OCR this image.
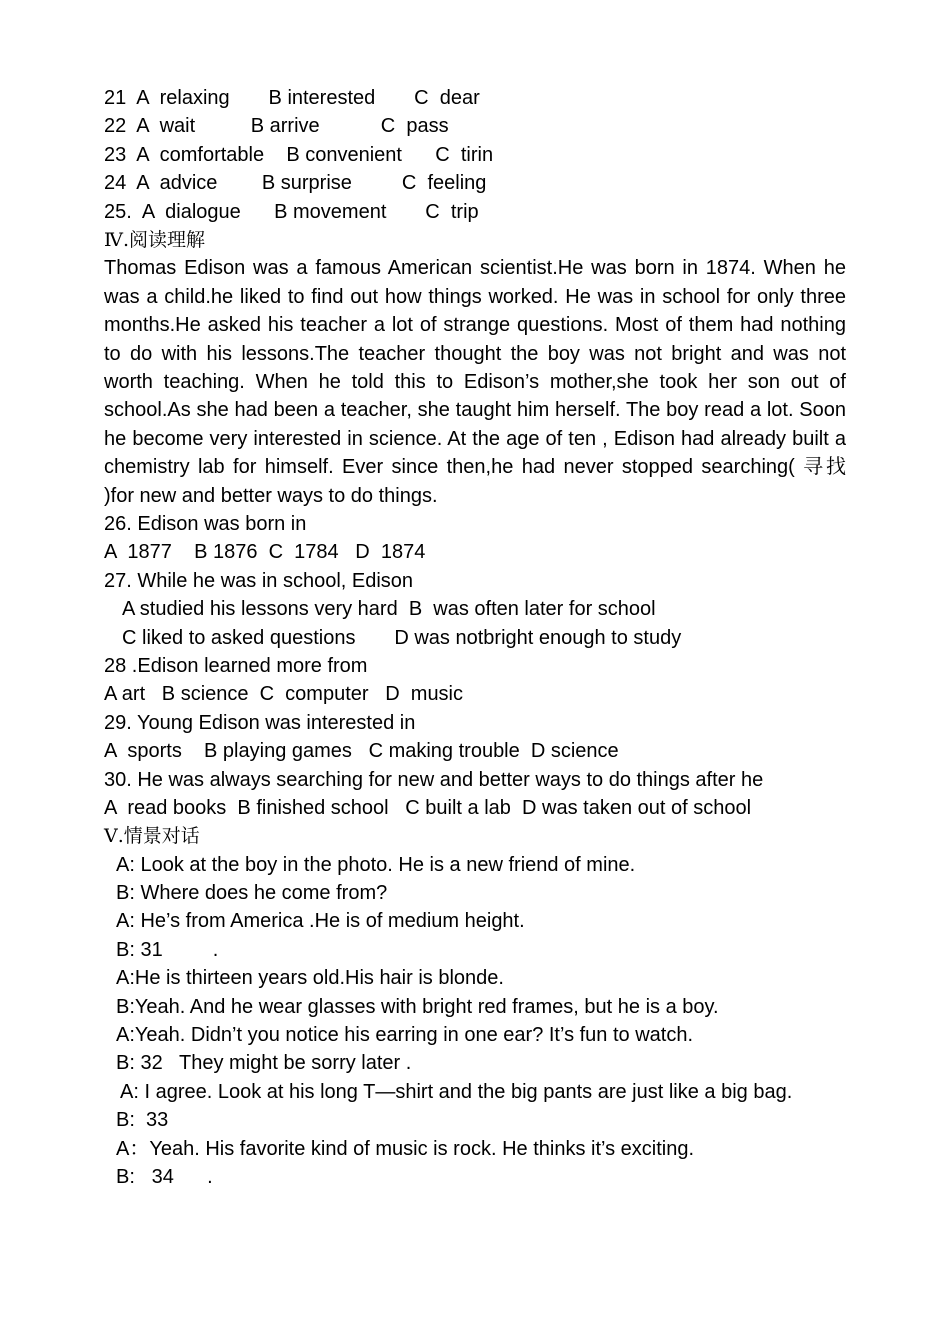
21  A  relaxing       B interested       C  dear
22  A  wait          B arrive           C  pass
23  A  comfortable    B convenient      C  tirin
24  A  advice        B surprise         C  feeling
25.  A  dialogue      B movement       C  trip
Ⅳ.阅读理解
Thomas Edison was a famous American scientist.He was born in 1874. When he was a child.he liked to find out how things worked. He was in school for only three months.He asked his teacher a lot of strange questions. Most of them had nothing to do with his lessons.The teacher thought the boy was not bright and was not worth teaching. When he told this to Edison’s mother,she took her son out of school.As she had been a teacher, she taught him herself. The boy read a lot. Soon he become very interested in science. At the age of ten , Edison had already built a chemistry lab for himself. Ever since then,he had never stopped searching( 寻找 )for new and better ways to do things.
26. Edison was born in
A  1877    B 1876  C  1784   D  1874
27. While he was in school, Edison
A studied his lessons very hard  B  was often later for school
C liked to asked questions       D was notbright enough to study
28 .Edison learned more from
A art   B science  C  computer   D  music
29. Young Edison was interested in
A  sports    B playing games   C making trouble  D science
30. He was always searching for new and better ways to do things after he
A  read books  B finished school   C built a lab  D was taken out of school
Ⅴ.情景对话
A: Look at the boy in the photo. He is a new friend of mine.
B: Where does he come from?
A: He’s from America .He is of medium height.
B: 31         .
A:He is thirteen years old.His hair is blonde.
B:Yeah. And he wear glasses with bright red frames, but he is a boy.
A:Yeah. Didn’t you notice his earring in one ear? It’s fun to watch.
B: 32   They might be sorry later .
A: I agree. Look at his long T—shirt and the big pants are just like a big bag.
B:  33
A：Yeah. His favorite kind of music is rock. He thinks it’s exciting.
B:   34      .
